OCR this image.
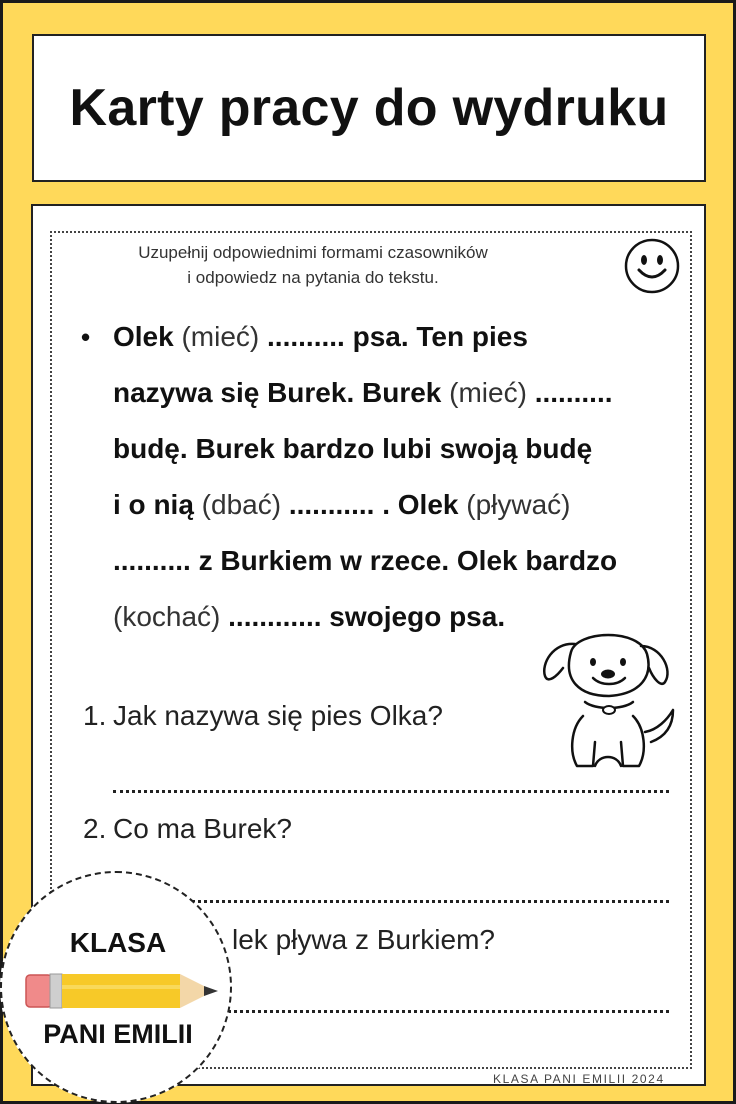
Karty pracy do wydruku
Uzupełnij odpowiednimi formami czasowników
i odpowiedz na pytania do tekstu.
• Olek (mieć) .......... psa. Ten pies
nazywa się Burek. Burek (mieć) ..........
budę. Burek bardzo lubi swoją budę
i o nią (dbać) ........... . Olek (pływać)
.......... z Burkiem w rzece. Olek bardzo
(kochać) ............ swojego psa.
1. Jak nazywa się pies Olka?
2. Co ma Burek?
lek pływa z Burkiem?
KLASA PANI EMILII 2024
KLASA
PANI EMILII
